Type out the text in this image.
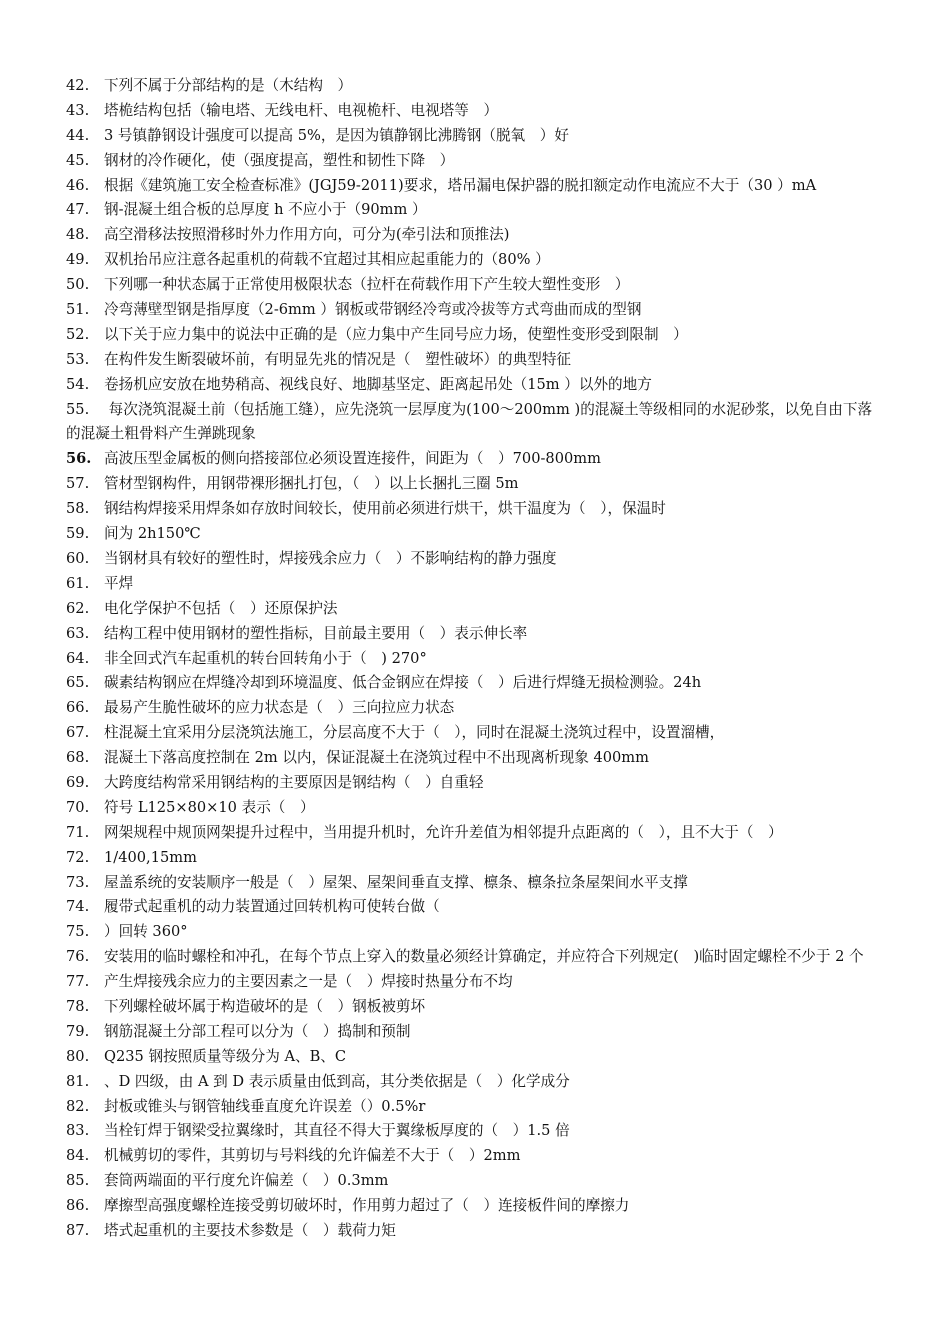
42.	下列不属于分部结构的是（木结构　）
43.	塔桅结构包括（输电塔、无线电杆、电视桅杆、电视塔等　）
44.	3 号镇静钢设计强度可以提高 5%，是因为镇静钢比沸腾钢（脱氧　）好
45.	钢材的冷作硬化，使（强度提高，塑性和韧性下降　）
46.	根据《建筑施工安全检查标准》(JGJ59-2011)要求，塔吊漏电保护器的脱扣额定动作电流应不大于（30 ）mA
47.	钢-混凝土组合板的总厚度 h 不应小于（90mm ）
48.	高空滑移法按照滑移时外力作用方向，可分为(牵引法和顶推法)
49.	双机抬吊应注意各起重机的荷载不宜超过其相应起重能力的（80% ）
50.	下列哪一种状态属于正常使用极限状态（拉杆在荷载作用下产生较大塑性变形　）
51.	冷弯薄壁型钢是指厚度（2-6mm ）钢板或带钢经冷弯或冷拔等方式弯曲而成的型钢
52.	以下关于应力集中的说法中正确的是（应力集中产生同号应力场，使塑性变形受到限制　）
53.	在构件发生断裂破坏前，有明显先兆的情况是（　塑性破坏）的典型特征
54.	卷扬机应安放在地势稍高、视线良好、地脚基坚定、距离起吊处（15m ）以外的地方
55. 每次浇筑混凝土前（包括施工缝），应先浇筑一层厚度为(100～200mm )的混凝土等级相同的水泥砂浆，以免自由下落的混凝土粗骨料产生弹跳现象
56. 高波压型金属板的侧向搭接部位必须设置连接件，间距为（　）700-800mm
57.	管材型钢构件，用钢带裸形捆扎打包，（　）以上长捆扎三圈 5m
58.	钢结构焊接采用焊条如存放时间较长，使用前必须进行烘干，烘干温度为（　），保温时
59.	间为 2h150℃
60.	当钢材具有较好的塑性时，焊接残余应力（　）不影响结构的静力强度
61.	平焊
62.	电化学保护不包括（　）还原保护法
63.	结构工程中使用钢材的塑性指标，目前最主要用（　）表示伸长率
64.	非全回式汽车起重机的转台回转角小于（　) 270°
65.	碳素结构钢应在焊缝冷却到环境温度、低合金钢应在焊接（　）后进行焊缝无损检测验。24h
66.	最易产生脆性破坏的应力状态是（　）三向拉应力状态
67.	柱混凝土宜采用分层浇筑法施工，分层高度不大于（　），同时在混凝土浇筑过程中，设置溜槽，
68.	混凝土下落高度控制在 2m 以内，保证混凝土在浇筑过程中不出现离析现象 400mm
69.	大跨度结构常采用钢结构的主要原因是钢结构（　）自重轻
70.	符号 L125×80×10 表示（　）
71.	网架规程中规顶网架提升过程中，当用提升机时，允许升差值为相邻提升点距离的（　），且不大于（　）
72.	1/400,15mm
73.	屋盖系统的安装顺序一般是（　）屋架、屋架间垂直支撑、檩条、檩条拉条屋架间水平支撑
74.	履带式起重机的动力装置通过回转机构可使转台做（
75.	）回转 360°
76. 安装用的临时螺栓和冲孔，在每个节点上穿入的数量必须经计算确定，并应符合下列规定(　)临时固定螺栓不少于 2 个
77.	产生焊接残余应力的主要因素之一是（　）焊接时热量分布不均
78.	下列螺栓破坏属于构造破坏的是（　）钢板被剪坏
79.	钢筋混凝土分部工程可以分为（　）捣制和预制
80.	Q235 钢按照质量等级分为 A、B、C
81.	、D 四级，由 A 到 D 表示质量由低到高，其分类依据是（　）化学成分
82.	封板或锥头与钢管轴线垂直度允许误差（）0.5%r
83.	当栓钉焊于钢梁受拉翼缘时，其直径不得大于翼缘板厚度的（　）1.5 倍
84.	机械剪切的零件，其剪切与号料线的允许偏差不大于（　）2mm
85.	套筒两端面的平行度允许偏差（　）0.3mm
86.	摩擦型高强度螺栓连接受剪切破坏时，作用剪力超过了（　）连接板件间的摩擦力
87.	塔式起重机的主要技术参数是（　）载荷力矩
